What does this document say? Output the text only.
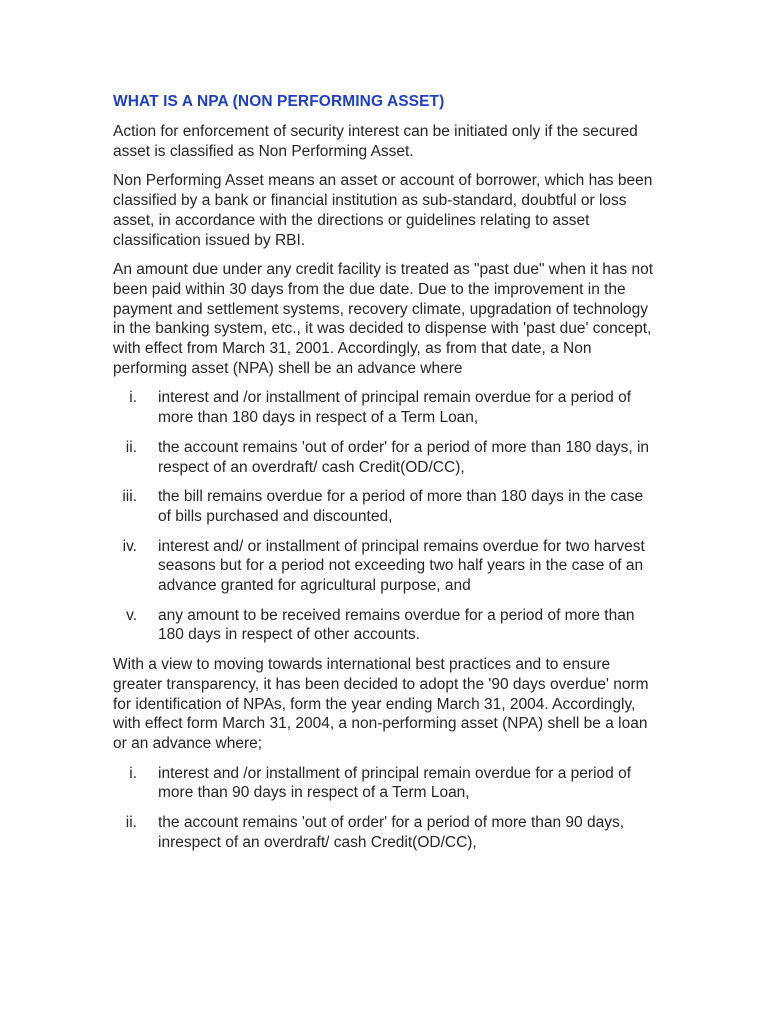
WHAT IS A NPA (NON PERFORMING ASSET)

Action for enforcement of security interest can be initiated only if the secured asset is classified as Non Performing Asset.

Non Performing Asset means an asset or account of borrower, which has been classified by a bank or financial institution as sub-standard, doubtful or loss asset, in accordance with the directions or guidelines relating to asset classification issued by RBI.

An amount due under any credit facility is treated as "past due" when it has not been paid within 30 days from the due date. Due to the improvement in the payment and settlement systems, recovery climate, upgradation of technology in the banking system, etc., it was decided to dispense with 'past due' concept, with effect from March 31, 2001. Accordingly, as from that date, a Non performing asset (NPA) shell be an advance where

i. interest and /or installment of principal remain overdue for a period of more than 180 days in respect of a Term Loan,
ii. the account remains 'out of order' for a period of more than 180 days, in respect of an overdraft/ cash Credit(OD/CC),
iii. the bill remains overdue for a period of more than 180 days in the case of bills purchased and discounted,
iv. interest and/ or installment of principal remains overdue for two harvest seasons but for a period not exceeding two half years in the case of an advance granted for agricultural purpose, and
v. any amount to be received remains overdue for a period of more than 180 days in respect of other accounts.

With a view to moving towards international best practices and to ensure greater transparency, it has been decided to adopt the '90 days overdue' norm for identification of NPAs, form the year ending March 31, 2004. Accordingly, with effect form March 31, 2004, a non-performing asset (NPA) shell be a loan or an advance where;

i. interest and /or installment of principal remain overdue for a period of more than 90 days in respect of a Term Loan,
ii. the account remains 'out of order' for a period of more than 90 days, inrespect of an overdraft/ cash Credit(OD/CC),
